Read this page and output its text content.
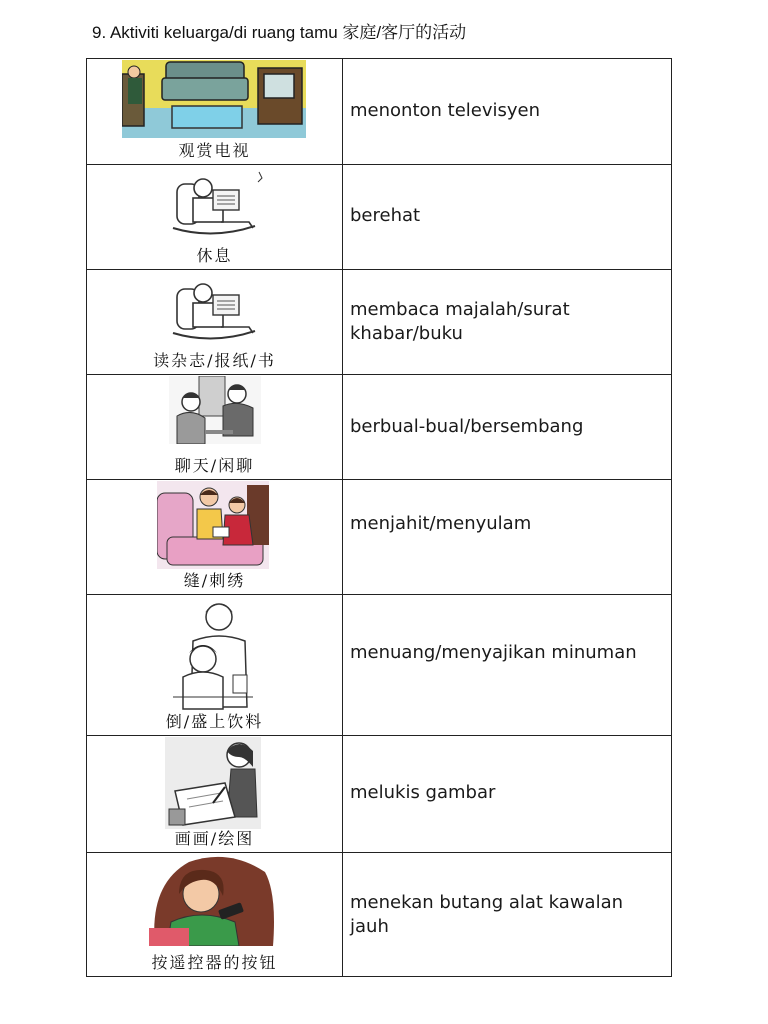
9. Aktiviti keluarga/di ruang tamu 家庭/客厅的活动
观赏电视	menonton televisyen

休息	berehat

读杂志/报纸/书	membaca majalah/surat khabar/buku

聊天/闲聊	berbual-bual/bersembang

缝/刺绣	menjahit/menyulam

倒/盛上饮料	menuang/menyajikan minuman

画画/绘图	melukis gambar

按遥控器的按钮	menekan butang alat kawalan jauh
